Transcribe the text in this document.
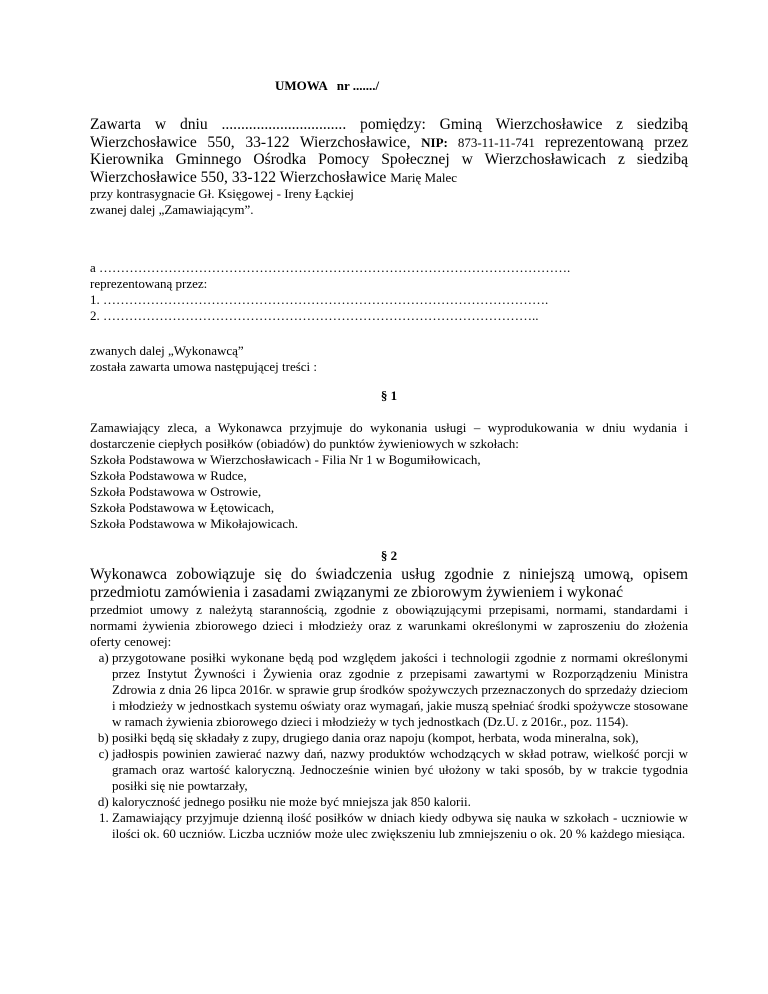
UMOWA   nr ......./

Zawarta w dniu ................................ pomiędzy: Gminą Wierzchosławice z siedzibą Wierzchosławice 550, 33-122 Wierzchosławice, NIP: 873-11-11-741 reprezentowaną przez Kierownika Gminnego Ośrodka Pomocy Społecznej w Wierzchosławicach z siedzibą Wierzchosławice 550, 33-122 Wierzchosławice Marię Malec

przy kontrasygnacie Gł. Księgowej - Ireny Łąckiej

zwanej dalej „Zamawiającym”.

a ……………………………………………………………………………………………….

reprezentowaną przez:

1. ………………………………………………………………………………………….

2. ………………………………………………………………………………………..

zwanych dalej „Wykonawcą”

została zawarta umowa następującej treści :

§ 1

Zamawiający zleca, a Wykonawca przyjmuje do wykonania usługi – wyprodukowania w dniu wydania i dostarczenie ciepłych posiłków (obiadów) do punktów żywieniowych w szkołach:

Szkoła Podstawowa w Wierzchosławicach - Filia Nr 1 w Bogumiłowicach,

Szkoła Podstawowa w Rudce,

Szkoła Podstawowa w Ostrowie,

Szkoła Podstawowa w Łętowicach,

Szkoła Podstawowa w Mikołajowicach.

§ 2

Wykonawca zobowiązuje się do świadczenia usług zgodnie z niniejszą umową, opisem przedmiotu zamówienia i zasadami związanymi ze zbiorowym żywieniem i wykonać

przedmiot umowy z należytą starannością, zgodnie z obowiązującymi przepisami, normami, standardami i normami żywienia zbiorowego dzieci i młodzieży oraz z warunkami określonymi w zaproszeniu do złożenia oferty cenowej:

a. przygotowane posiłki wykonane będą pod względem jakości i technologii zgodnie z normami określonymi przez Instytut Żywności i Żywienia oraz zgodnie z przepisami zawartymi w Rozporządzeniu Ministra Zdrowia z dnia 26 lipca 2016r. w sprawie grup środków spożywczych przeznaczonych do sprzedaży dzieciom i młodzieży w jednostkach systemu oświaty oraz wymagań, jakie muszą spełniać środki spożywcze stosowane w ramach żywienia zbiorowego dzieci i młodzieży w tych jednostkach (Dz.U. z 2016r., poz. 1154).
b. posiłki będą się składały z zupy, drugiego dania oraz napoju (kompot, herbata, woda mineralna, sok),
c. jadłospis powinien zawierać nazwy dań, nazwy produktów wchodzących w skład potraw, wielkość porcji w gramach oraz wartość kaloryczną. Jednocześnie winien być ułożony w taki sposób, by w trakcie tygodnia posiłki się nie powtarzały,
d. kaloryczność jednego posiłku nie może być mniejsza jak 850 kalorii.
1. Zamawiający przyjmuje dzienną ilość posiłków w dniach kiedy odbywa się nauka w szkołach - uczniowie w ilości ok. 60 uczniów. Liczba uczniów może ulec zwiększeniu lub zmniejszeniu o ok. 20 % każdego miesiąca.
